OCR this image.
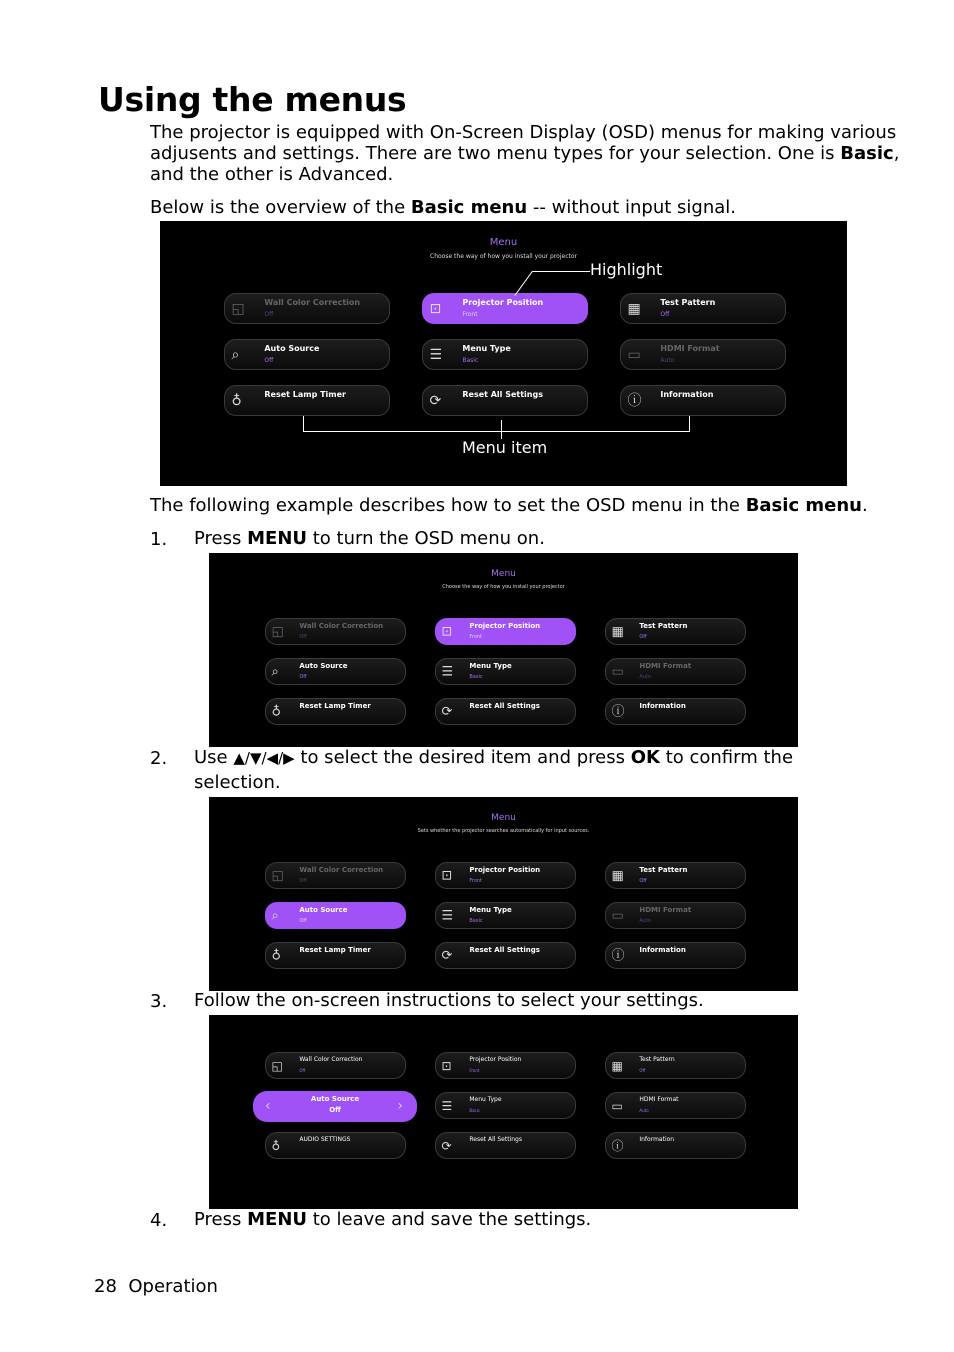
Using the menus
The projector is equipped with On-Screen Display (OSD) menus for making various
adjusents and settings. There are two menu types for your selection. One is Basic,
and the other is Advanced.
Below is the overview of the Basic menu -- without input signal.
Menu
Choose the way of how you install your projector
◱ Wall Color Correction
Off	⊡	Projector Position
Front	▦ Test Pattern
Off
⌕	Auto Source
Off	☰	Menu Type
Basic	▭ HDMI Format
Auto
♁	Reset Lamp Timer	⟳	Reset All Settings	ⓘ Information
Highlight
Menu item
The following example describes how to set the OSD menu in the Basic menu.
1. Press MENU to turn the OSD menu on.
Menu
Choose the way of how you install your projector
◱ Wall Color Correction
Off	⊡ Projector Position
Front	▦ Test Pattern
Off
⌕	Auto Source
Off	☰ Menu Type
Basic	▭ HDMI Format
Auto
♁	Reset Lamp Timer	⟳ Reset All Settings	ⓘ Information
2. Use ▲/▼/◀/▶ to select the desired item and press OK to confirm the
selection.
Menu
Sets whether the projector searches automatically for input sources.
◱ Wall Color Correction
Off	⊡ Projector Position
Front	▦ Test Pattern
Off
⌕	Auto Source
Off	☰ Menu Type
Basic	▭ HDMI Format
Auto
♁	Reset Lamp Timer	⟳ Reset All Settings	ⓘ Information
3. Follow the on-screen instructions to select your settings.
◱	Wall Color Correction
Off	⊡	Projector Position
Front	▦	Test Pattern
Off
☰	Menu Type
Basic	▭	HDMI Format
Auto
♁	AUDIO SETTINGS	⟳	Reset All Settings	ⓘ	Information
Auto Source
Off
‹	›
4. Press MENU to leave and save the settings.
28 Operation
